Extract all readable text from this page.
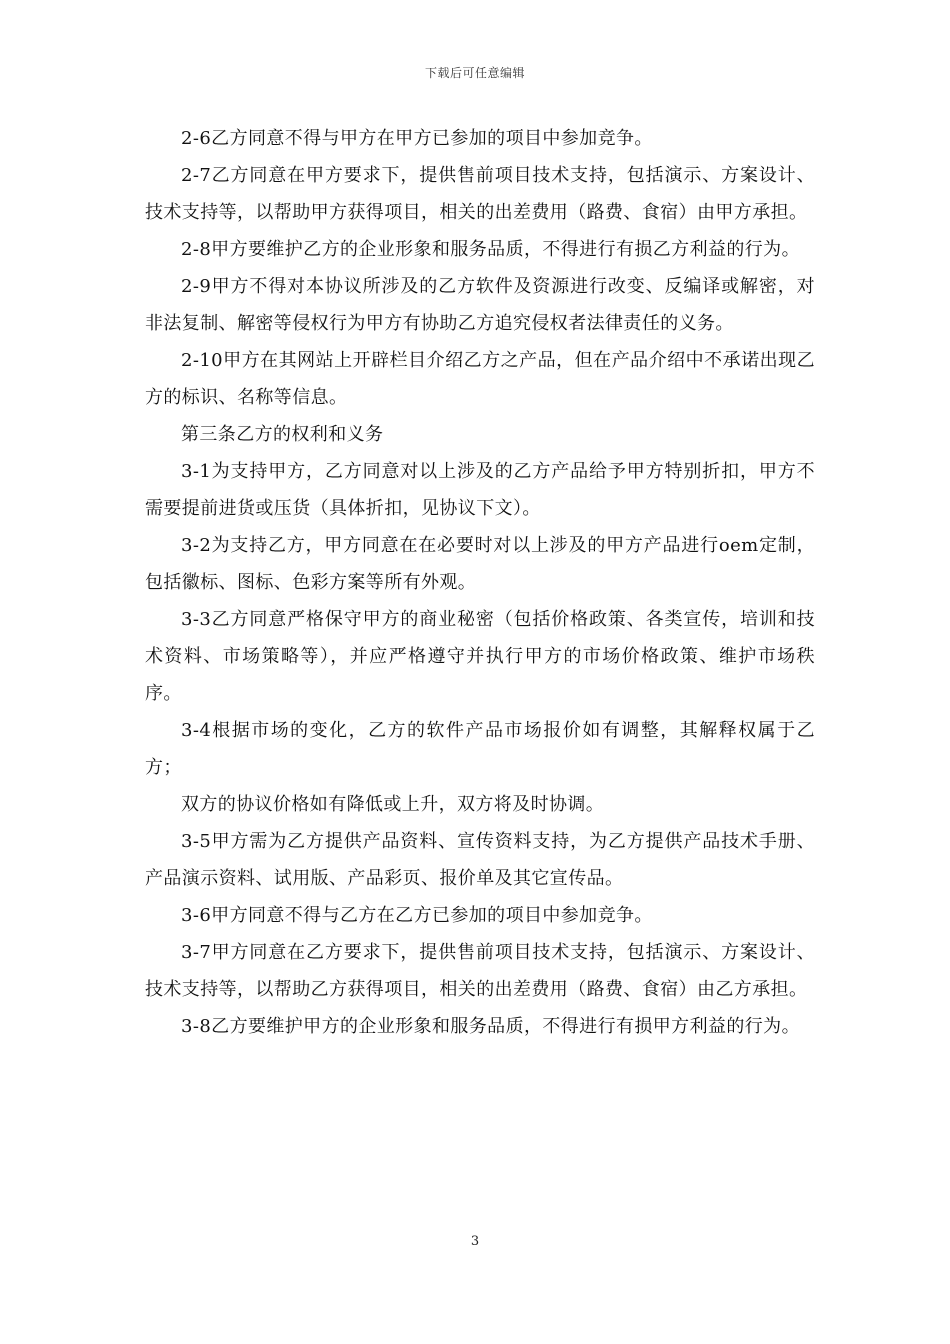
下载后可任意编辑

2-6乙方同意不得与甲方在甲方已参加的项目中参加竞争。

2-7乙方同意在甲方要求下，提供售前项目技术支持，包括演示、方案设计、技术支持等，以帮助甲方获得项目，相关的出差费用（路费、食宿）由甲方承担。

2-8甲方要维护乙方的企业形象和服务品质，不得进行有损乙方利益的行为。

2-9甲方不得对本协议所涉及的乙方软件及资源进行改变、反编译或解密，对非法复制、解密等侵权行为甲方有协助乙方追究侵权者法律责任的义务。

2-10甲方在其网站上开辟栏目介绍乙方之产品，但在产品介绍中不承诺出现乙方的标识、名称等信息。

第三条乙方的权利和义务

3-1为支持甲方，乙方同意对以上涉及的乙方产品给予甲方特别折扣，甲方不需要提前进货或压货（具体折扣，见协议下文）。

3-2为支持乙方，甲方同意在在必要时对以上涉及的甲方产品进行oem定制，包括徽标、图标、色彩方案等所有外观。

3-3乙方同意严格保守甲方的商业秘密（包括价格政策、各类宣传，培训和技术资料、市场策略等），并应严格遵守并执行甲方的市场价格政策、维护市场秩序。

3-4根据市场的变化，乙方的软件产品市场报价如有调整，其解释权属于乙方；

双方的协议价格如有降低或上升，双方将及时协调。

3-5甲方需为乙方提供产品资料、宣传资料支持，为乙方提供产品技术手册、产品演示资料、试用版、产品彩页、报价单及其它宣传品。

3-6甲方同意不得与乙方在乙方已参加的项目中参加竞争。

3-7甲方同意在乙方要求下，提供售前项目技术支持，包括演示、方案设计、技术支持等，以帮助乙方获得项目，相关的出差费用（路费、食宿）由乙方承担。

3-8乙方要维护甲方的企业形象和服务品质，不得进行有损甲方利益的行为。

3
